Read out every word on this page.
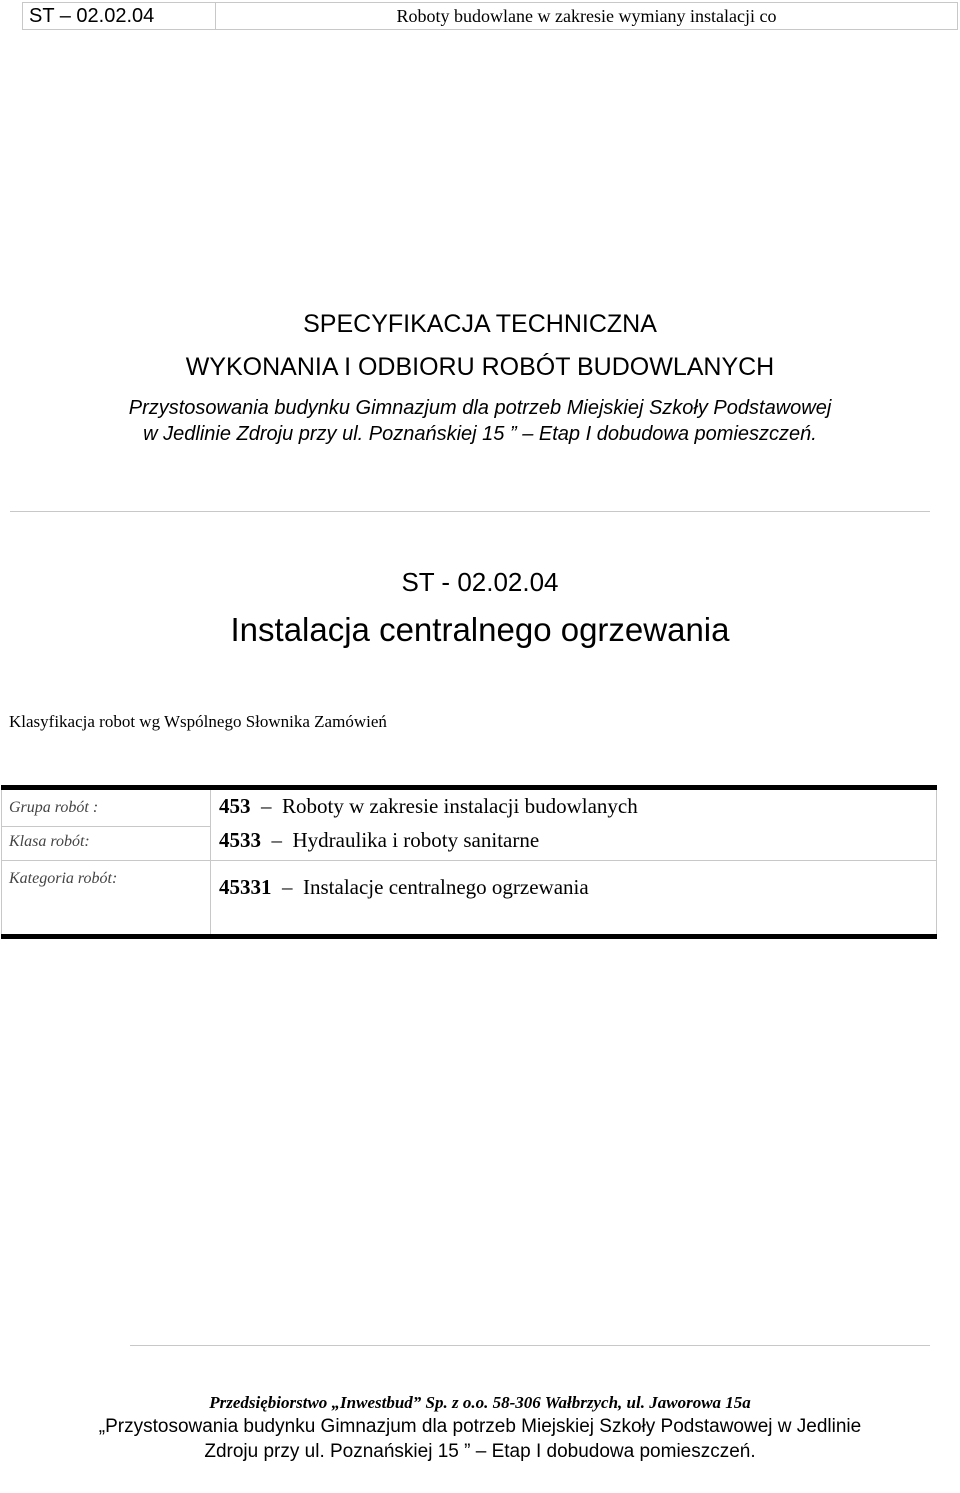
ST – 02.02.04	Roboty budowlane w zakresie wymiany instalacji co
SPECYFIKACJA TECHNICZNA
WYKONANIA I ODBIORU ROBÓT BUDOWLANYCH
Przystosowania budynku Gimnazjum dla potrzeb Miejskiej Szkoły Podstawowej
w Jedlinie Zdroju przy ul. Poznańskiej 15 ” – Etap I dobudowa pomieszczeń.
ST - 02.02.04
Instalacja centralnego ogrzewania
Klasyfikacja robot wg Wspólnego Słownika Zamówień
Grupa robót :
Klasa robót:
Kategoria robót:
453  –  Roboty w zakresie instalacji budowlanych
4533  –  Hydraulika i roboty sanitarne
45331  –  Instalacje centralnego ogrzewania
Przedsiębiorstwo „Inwestbud” Sp. z o.o. 58-306 Wałbrzych, ul. Jaworowa 15a
„Przystosowania budynku Gimnazjum dla potrzeb Miejskiej Szkoły Podstawowej w Jedlinie
Zdroju przy ul. Poznańskiej 15 ” – Etap I dobudowa pomieszczeń.
